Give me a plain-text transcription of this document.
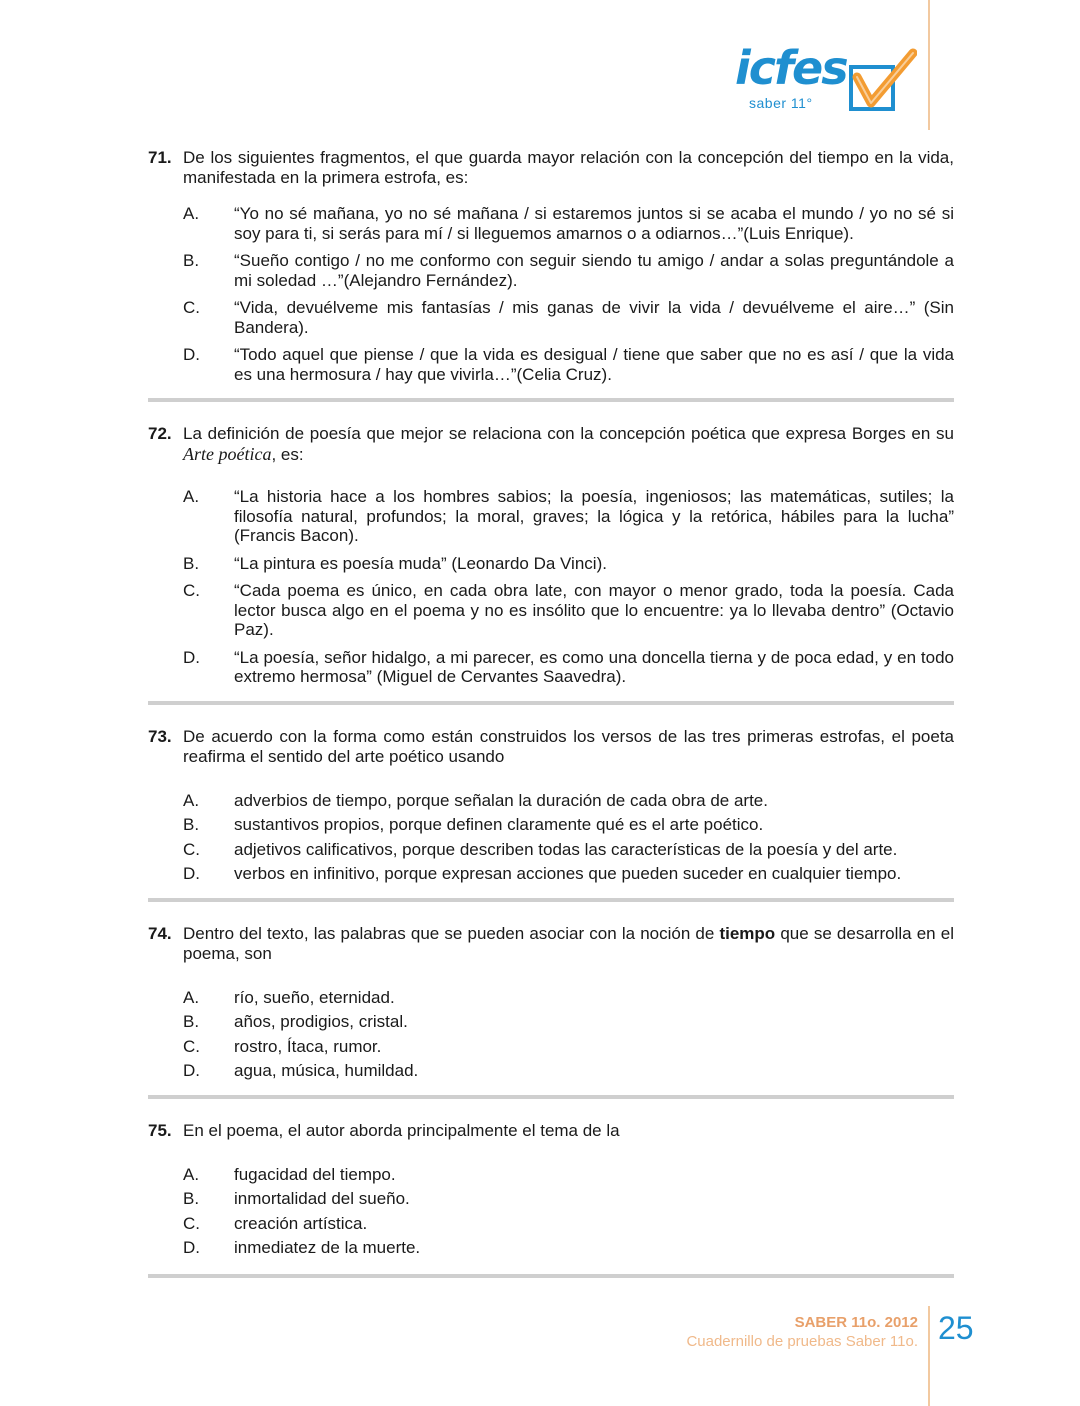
icfes
saber 11°
71. De los siguientes fragmentos, el que guarda mayor relación con la concepción del tiempo en la vida, manifestada en la primera estrofa, es:
A.	“Yo no sé mañana, yo no sé mañana / si estaremos juntos si se acaba el mundo / yo no sé si soy para ti, si serás para mí / si lleguemos amarnos o a odiarnos…”(Luis Enrique).
B.	“Sueño contigo / no me conformo con seguir siendo tu amigo / andar a solas preguntándole a mi soledad …”(Alejandro Fernández).
C.	“Vida, devuélveme mis fantasías / mis ganas de vivir la vida / devuélveme el aire…” (Sin Bandera).
D.	“Todo aquel que piense / que la vida es desigual / tiene que saber que no es así / que la vida es una hermosura / hay que vivirla…”(Celia Cruz).
72. La definición de poesía que mejor se relaciona con la concepción poética que expresa Borges en su Arte poética, es:
A.	“La historia hace a los hombres sabios; la poesía, ingeniosos; las matemáticas, sutiles; la filosofía natural, profundos; la moral, graves; la lógica y la retórica, hábiles para la lucha” (Francis Bacon).
B.	“La pintura es poesía muda” (Leonardo Da Vinci).
C.	“Cada poema es único, en cada obra late, con mayor o menor grado, toda la poesía. Cada lector busca algo en el poema y no es insólito que lo encuentre: ya lo llevaba dentro” (Octavio Paz).
D.	“La poesía, señor hidalgo, a mi parecer, es como una doncella tierna y de poca edad, y en todo extremo hermosa” (Miguel de Cervantes Saavedra).
73. De acuerdo con la forma como están construidos los versos de las tres primeras estrofas, el poeta reafirma el sentido del arte poético usando
A.	adverbios de tiempo, porque señalan la duración de cada obra de arte.
B.	sustantivos propios, porque definen claramente qué es el arte poético.
C.	adjetivos calificativos, porque describen todas las características de la poesía y del arte.
D.	verbos en infinitivo, porque expresan acciones que pueden suceder en cualquier tiempo.
74. Dentro del texto, las palabras que se pueden asociar con la noción de tiempo que se desarrolla en el poema, son
A.	río, sueño, eternidad.
B.	años, prodigios, cristal.
C.	rostro, Ítaca, rumor.
D.	agua, música, humildad.
75. En el poema, el autor aborda principalmente el tema de la
A.	fugacidad del tiempo.
B.	inmortalidad del sueño.
C.	creación artística.
D.	inmediatez de la muerte.
SABER 11o. 2012
Cuadernillo de pruebas Saber 11o. 25
